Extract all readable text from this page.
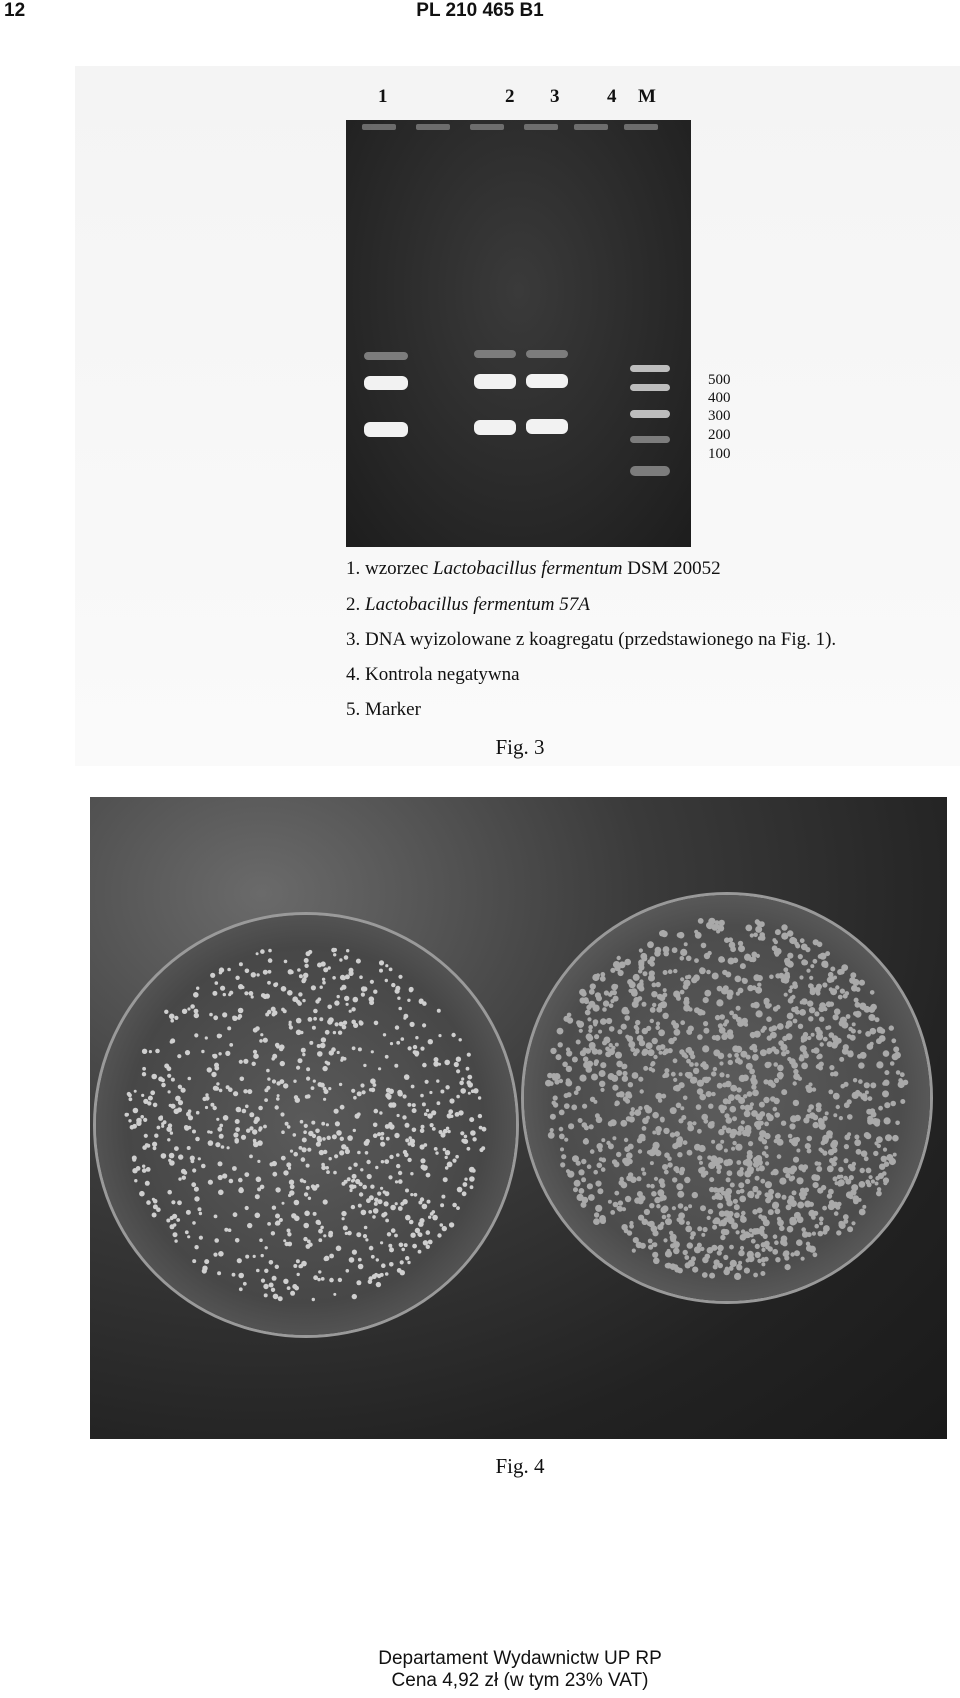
12	PL 210 465 B1
1	2 3	4 M
500
400
300
200
100
1. wzorzec Lactobacillus fermentum DSM 20052
2. Lactobacillus fermentum 57A
3. DNA wyizolowane z koagregatu (przedstawionego na Fig. 1).
4. Kontrola negatywna
5. Marker
Fig. 3
Fig. 4
Departament Wydawnictw UP RP
Cena 4,92 zł (w tym 23% VAT)
